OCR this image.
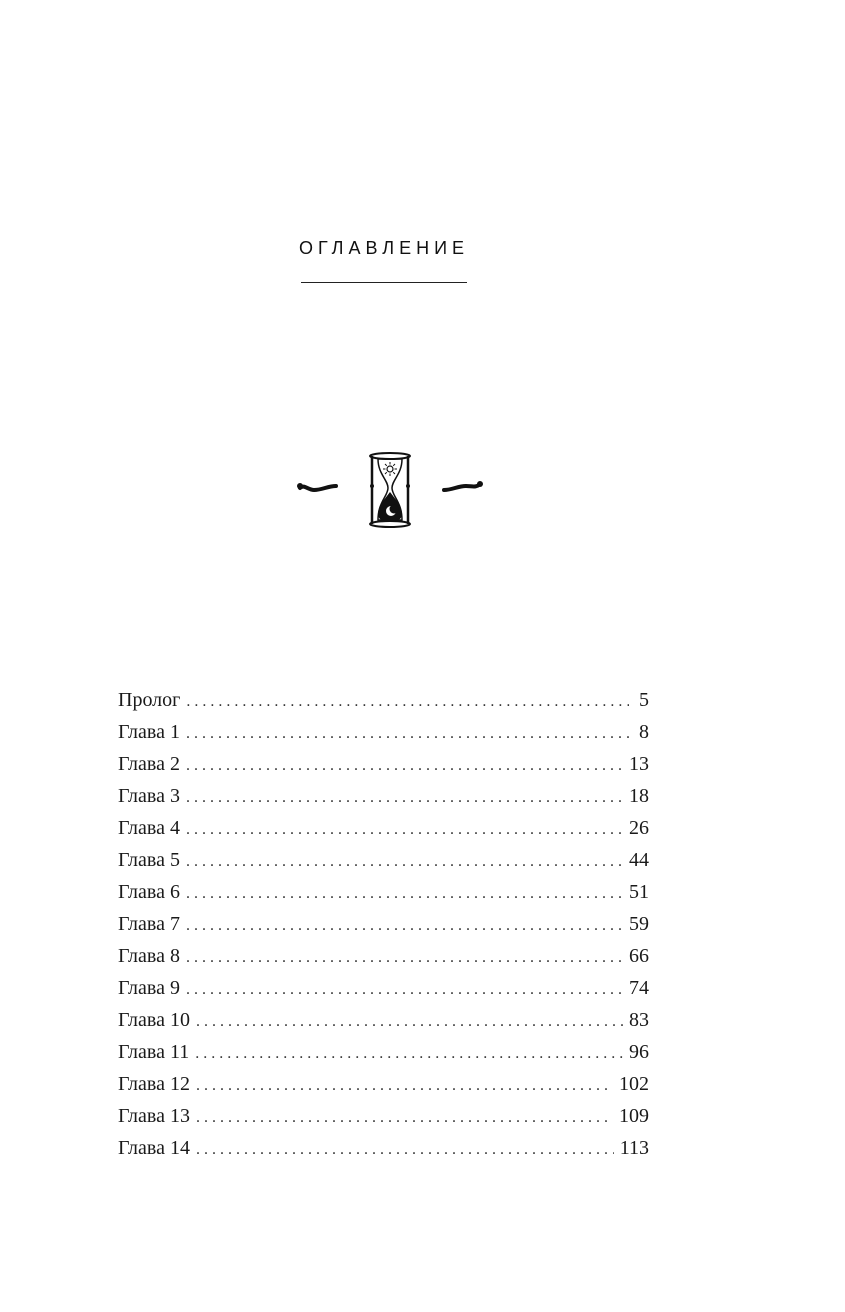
ОГЛАВЛЕНИЕ
Пролог . . .	5
Глава 1 . . .	8
Глава 2 . . .	13
Глава 3 . . .	18
Глава 4 . . .	26
Глава 5 . . .	44
Глава 6 . . .	51
Глава 7 . . .	59
Глава 8 . . .	66
Глава 9 . . .	74
Глава 10 . . .	83
Глава 11 . . .	96
Глава 12 . . .	102
Глава 13 . . .	109
Глава 14 . . .	113
